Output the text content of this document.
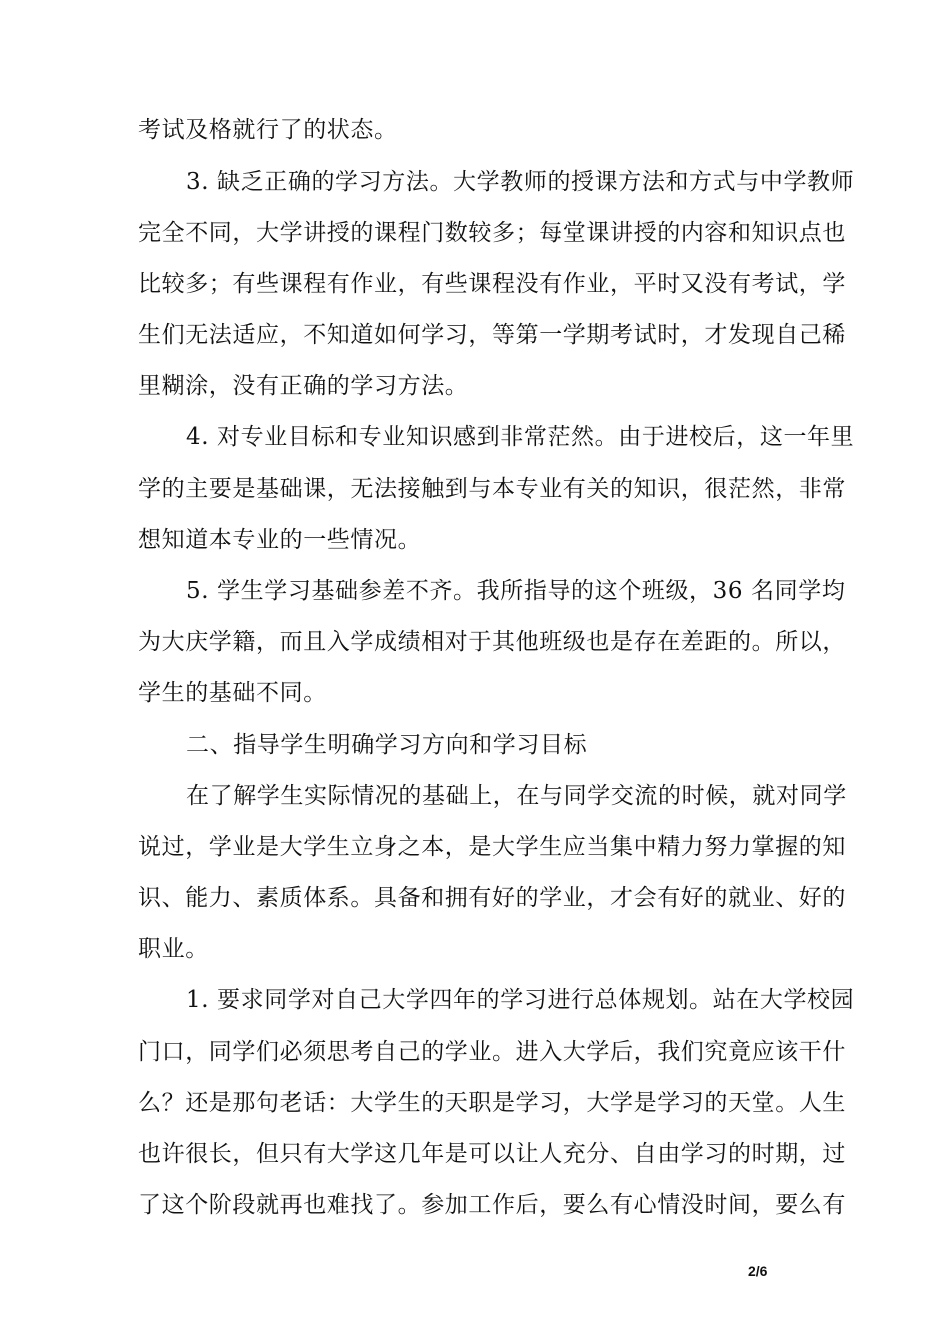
考试及格就行了的状态。
3. 缺乏正确的学习方法。大学教师的授课方法和方式与中学教师
完全不同，大学讲授的课程门数较多；每堂课讲授的内容和知识点也
比较多；有些课程有作业，有些课程没有作业，平时又没有考试，学
生们无法适应，不知道如何学习，等第一学期考试时，才发现自己稀
里糊涂，没有正确的学习方法。
4. 对专业目标和专业知识感到非常茫然。由于进校后，这一年里
学的主要是基础课，无法接触到与本专业有关的知识，很茫然，非常
想知道本专业的一些情况。
5. 学生学习基础参差不齐。我所指导的这个班级，36 名同学均
为大庆学籍，而且入学成绩相对于其他班级也是存在差距的。所以，
学生的基础不同。
二、指导学生明确学习方向和学习目标
在了解学生实际情况的基础上，在与同学交流的时候，就对同学
说过，学业是大学生立身之本，是大学生应当集中精力努力掌握的知
识、能力、素质体系。具备和拥有好的学业，才会有好的就业、好的
职业。
1. 要求同学对自己大学四年的学习进行总体规划。站在大学校园
门口，同学们必须思考自己的学业。进入大学后，我们究竟应该干什
么？还是那句老话：大学生的天职是学习，大学是学习的天堂。人生
也许很长，但只有大学这几年是可以让人充分、自由学习的时期，过
了这个阶段就再也难找了。参加工作后，要么有心情没时间，要么有
2/6
